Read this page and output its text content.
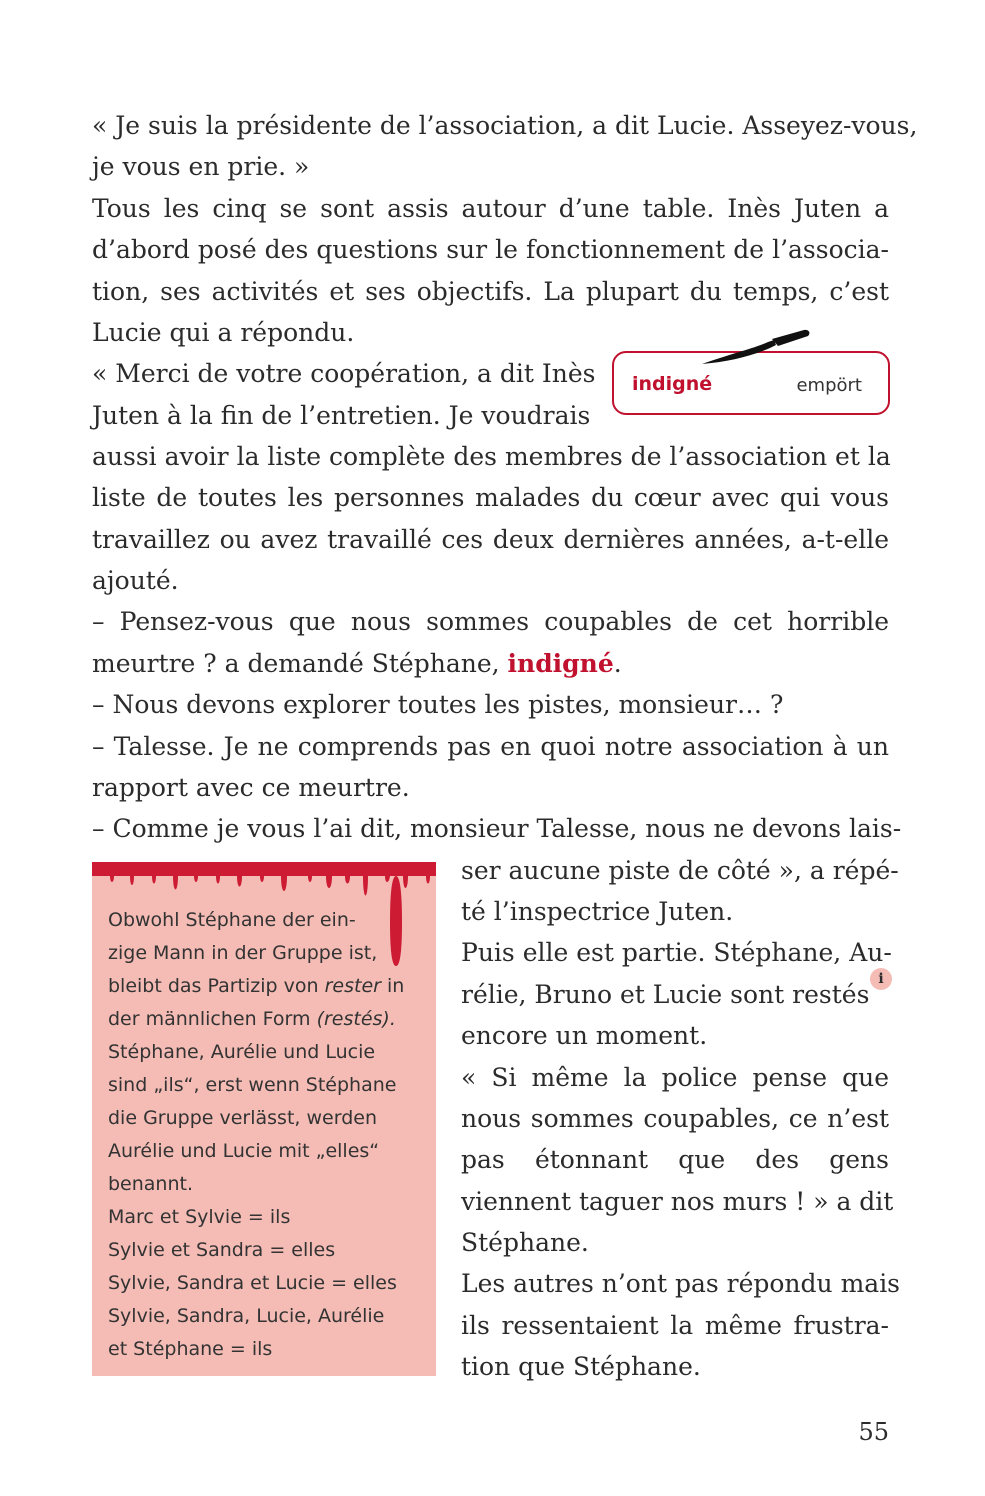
« Je suis la présidente de l’association, a dit Lucie. Asseyez-vous,
je vous en prie. »
Tous les cinq se sont assis autour d’une table. Inès Juten a
d’abord posé des questions sur le fonctionnement de l’associa-
tion, ses activités et ses objectifs. La plupart du temps, c’est
Lucie qui a répondu.
« Merci de votre coopération, a dit Inès
Juten à la fin de l’entretien. Je voudrais
aussi avoir la liste complète des membres de l’association et la
liste de toutes les personnes malades du cœur avec qui vous
travaillez ou avez travaillé ces deux dernières années, a-t-elle
ajouté.
– Pensez-vous que nous sommes coupables de cet horrible
meurtre ? a demandé Stéphane, indigné.
– Nous devons explorer toutes les pistes, monsieur… ?
– Talesse. Je ne comprends pas en quoi notre association à un
rapport avec ce meurtre.
– Comme je vous l’ai dit, monsieur Talesse, nous ne devons lais-
ser aucune piste de côté », a répé-
té l’inspectrice Juten.
Puis elle est partie. Stéphane, Au-
rélie, Bruno et Lucie sont restés
encore un moment.
« Si même la police pense que
nous sommes coupables, ce n’est
pas étonnant que des gens
viennent taguer nos murs ! » a dit
Stéphane.
Les autres n’ont pas répondu mais
ils ressentaient la même frustra-
tion que Stéphane.
i
indigné	empört
Obwohl Stéphane der ein-
zige Mann in der Gruppe ist,
bleibt das Partizip von rester in
der männlichen Form (restés).
Stéphane, Aurélie und Lucie
sind „ils“, erst wenn Stéphane
die Gruppe verlässt, werden
Aurélie und Lucie mit „elles“
benannt.
Marc et Sylvie = ils
Sylvie et Sandra = elles
Sylvie, Sandra et Lucie = elles
Sylvie, Sandra, Lucie, Aurélie
et Stéphane = ils
55
